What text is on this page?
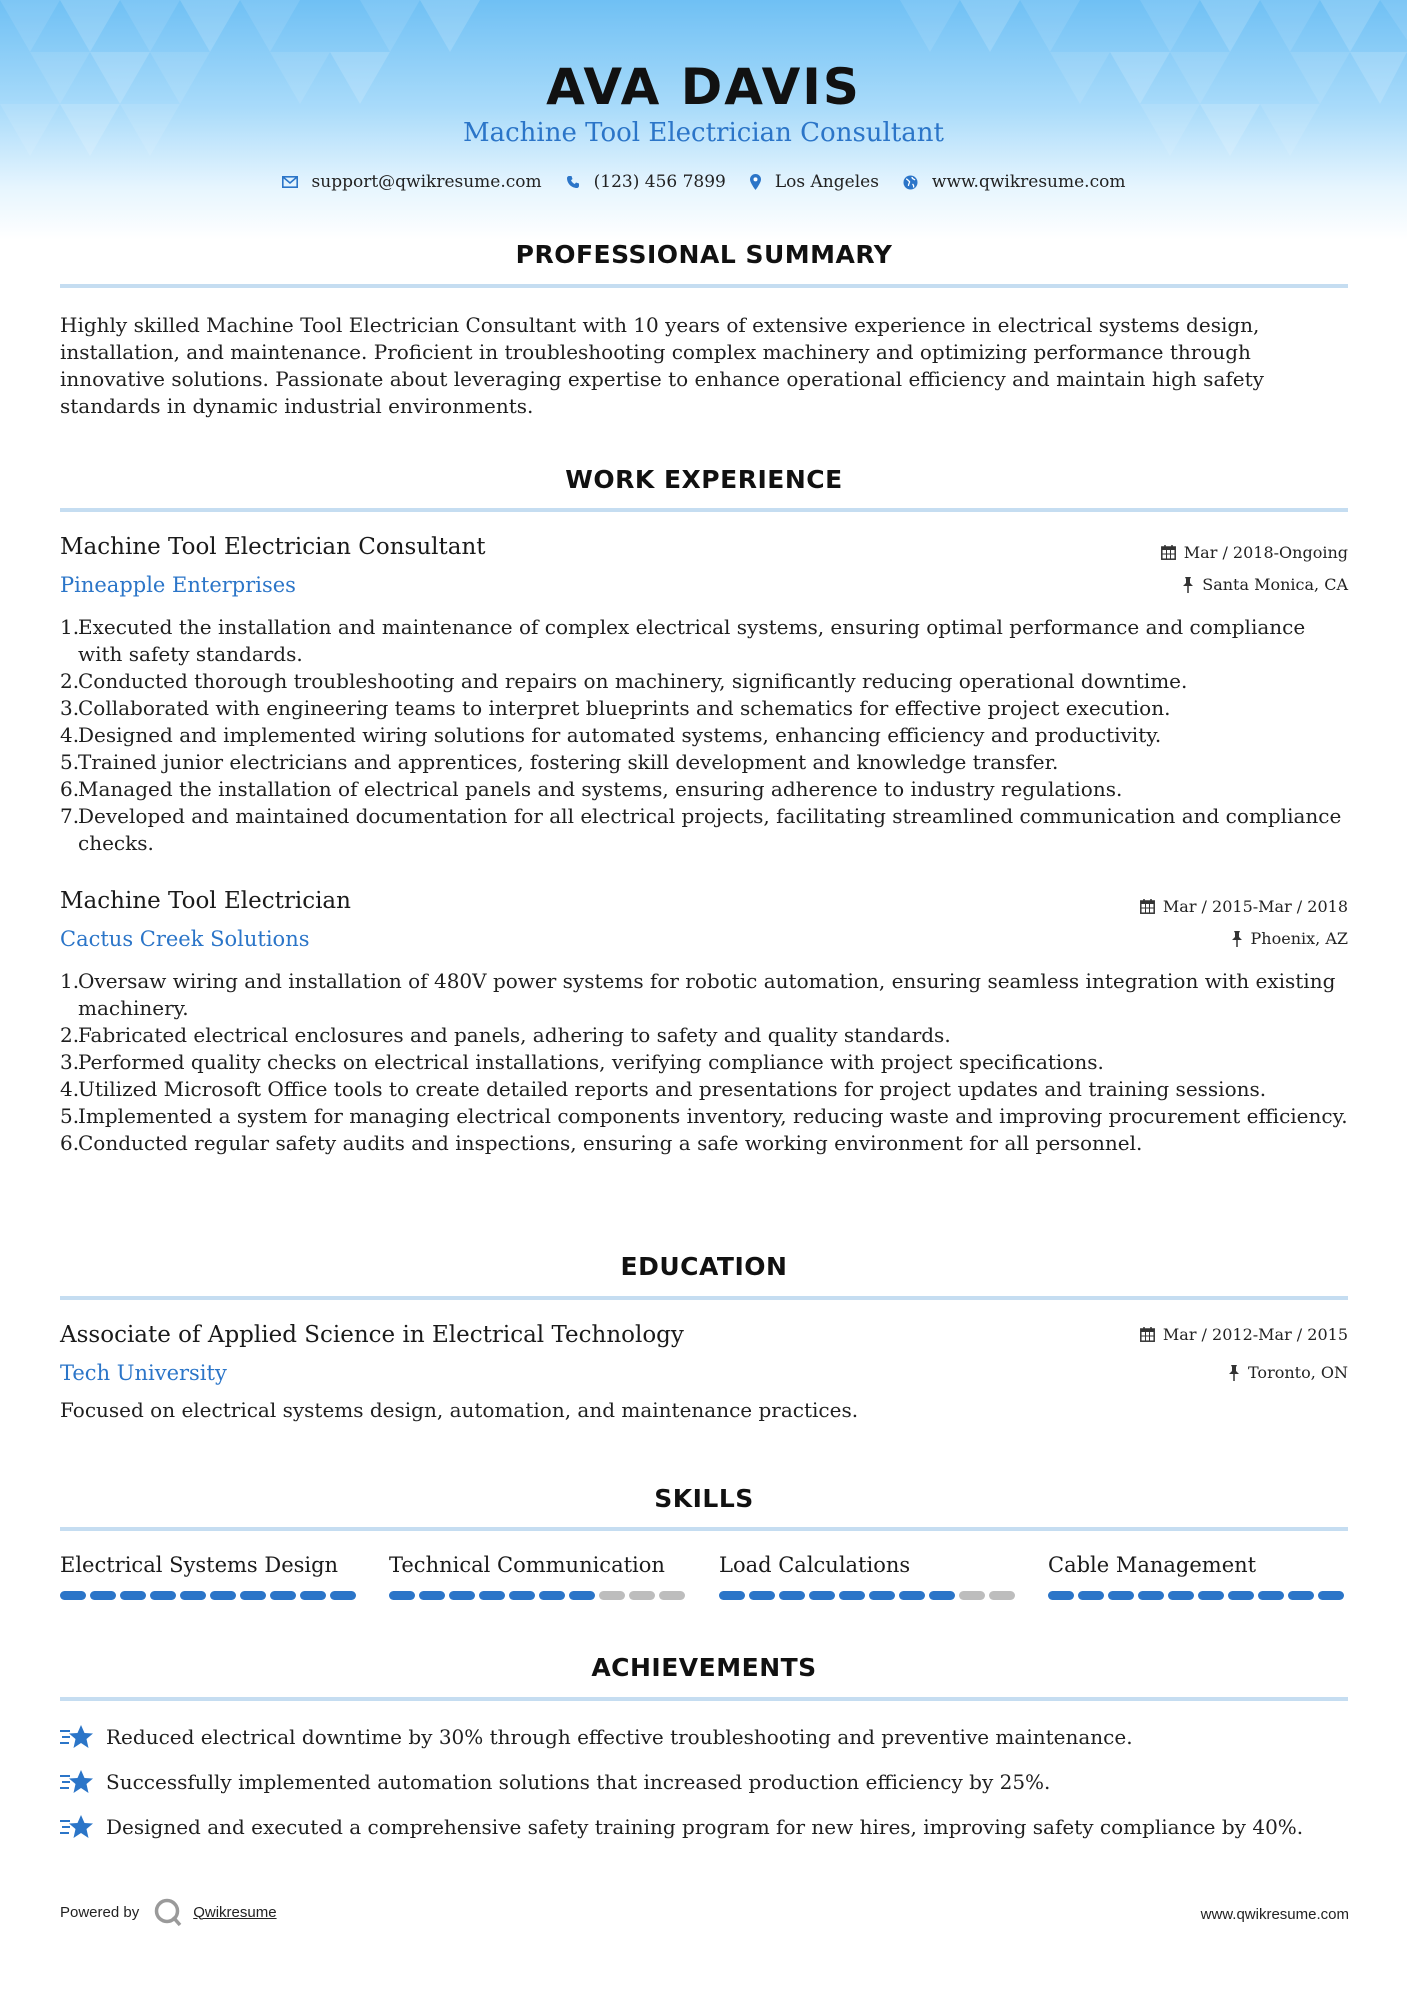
AVA DAVIS
Machine Tool Electrician Consultant
support@qwikresume.com	(123) 456 7899	Los Angeles	www.qwikresume.com
PROFESSIONAL SUMMARY
Highly skilled Machine Tool Electrician Consultant with 10 years of extensive experience in electrical systems design, installation, and maintenance. Proficient in troubleshooting complex machinery and optimizing performance through innovative solutions. Passionate about leveraging expertise to enhance operational efficiency and maintain high safety standards in dynamic industrial environments.
WORK EXPERIENCE
Machine Tool Electrician Consultant
Pineapple Enterprises
Mar / 2018-Ongoing
Santa Monica, CA
1.
Executed the installation and maintenance of complex electrical systems, ensuring optimal performance and compliance with safety standards.
2.
Conducted thorough troubleshooting and repairs on machinery, significantly reducing operational downtime.
3.
Collaborated with engineering teams to interpret blueprints and schematics for effective project execution.
4.
Designed and implemented wiring solutions for automated systems, enhancing efficiency and productivity.
5.
Trained junior electricians and apprentices, fostering skill development and knowledge transfer.
6.
Managed the installation of electrical panels and systems, ensuring adherence to industry regulations.
7.
Developed and maintained documentation for all electrical projects, facilitating streamlined communication and compliance checks.
Machine Tool Electrician
Cactus Creek Solutions
Mar / 2015-Mar / 2018
Phoenix, AZ
1.
Oversaw wiring and installation of 480V power systems for robotic automation, ensuring seamless integration with existing machinery.
2.
Fabricated electrical enclosures and panels, adhering to safety and quality standards.
3.
Performed quality checks on electrical installations, verifying compliance with project specifications.
4.
Utilized Microsoft Office tools to create detailed reports and presentations for project updates and training sessions.
5.
Implemented a system for managing electrical components inventory, reducing waste and improving procurement efficiency.
6.
Conducted regular safety audits and inspections, ensuring a safe working environment for all personnel.
EDUCATION
Associate of Applied Science in Electrical Technology
Tech University
Mar / 2012-Mar / 2015
Toronto, ON
Focused on electrical systems design, automation, and maintenance practices.
SKILLS
Electrical Systems Design	Technical Communication	Load Calculations	Cable Management
ACHIEVEMENTS
Reduced electrical downtime by 30% through effective troubleshooting and preventive maintenance.
Successfully implemented automation solutions that increased production efficiency by 25%.
Designed and executed a comprehensive safety training program for new hires, improving safety compliance by 40%.
Powered by	Qwikresume	www.qwikresume.com
